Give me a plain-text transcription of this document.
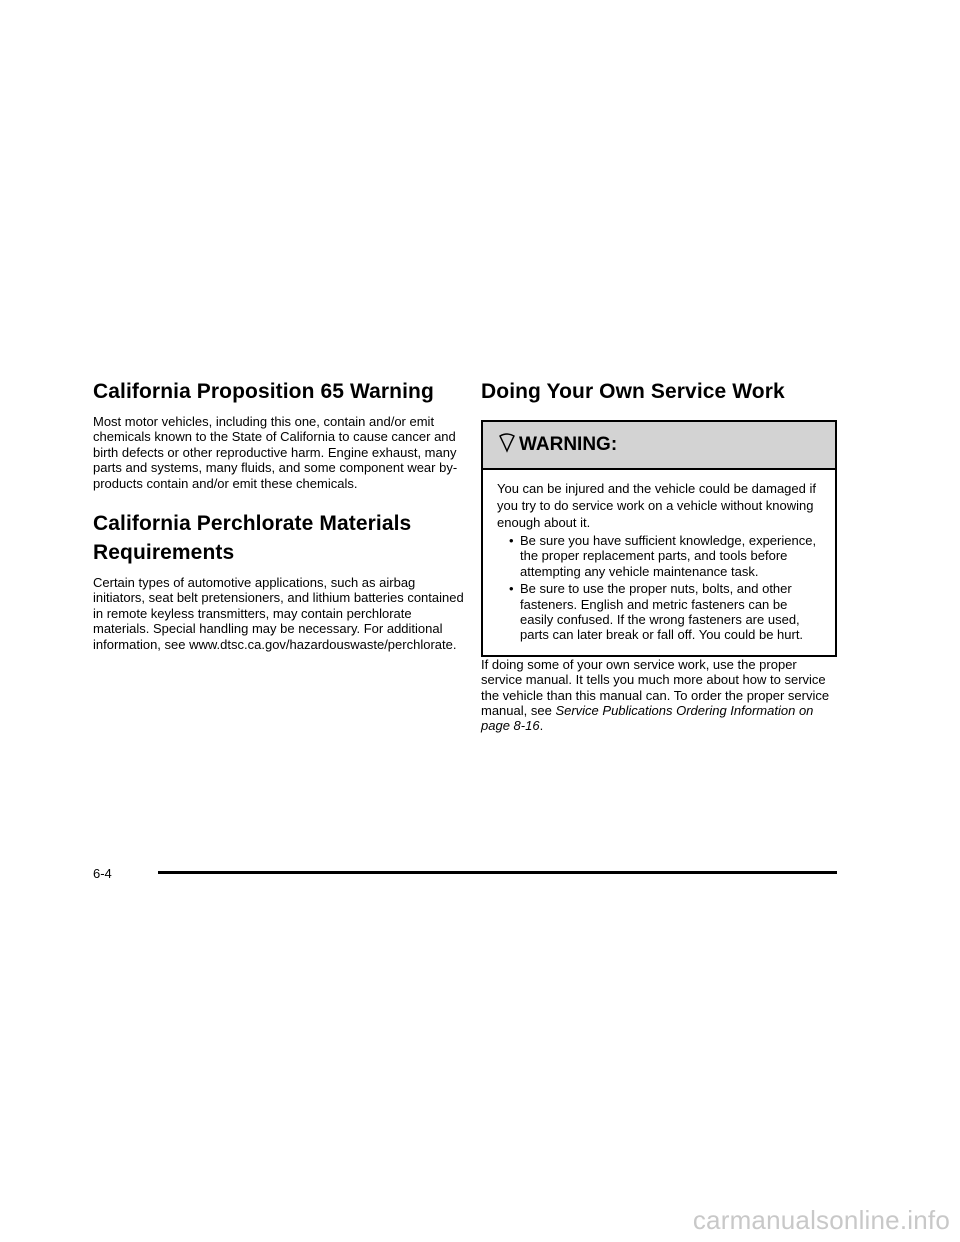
California Proposition 65 Warning

Most motor vehicles, including this one, contain and/or emit chemicals known to the State of California to cause cancer and birth defects or other reproductive harm. Engine exhaust, many parts and systems, many fluids, and some component wear by-products contain and/or emit these chemicals.

California Perchlorate Materials Requirements

Certain types of automotive applications, such as airbag initiators, seat belt pretensioners, and lithium batteries contained in remote keyless transmitters, may contain perchlorate materials. Special handling may be necessary. For additional information, see www.dtsc.ca.gov/hazardouswaste/perchlorate.

Doing Your Own Service Work
WARNING:

You can be injured and the vehicle could be damaged if you try to do service work on a vehicle without knowing enough about it.

• Be sure you have sufficient knowledge, experience, the proper replacement parts, and tools before attempting any vehicle maintenance task.
• Be sure to use the proper nuts, bolts, and other fasteners. English and metric fasteners can be easily confused. If the wrong fasteners are used, parts can later break or fall off. You could be hurt.

If doing some of your own service work, use the proper service manual. It tells you much more about how to service the vehicle than this manual can. To order the proper service manual, see Service Publications Ordering Information on page 8-16.

6-4
carmanualsonline.info
